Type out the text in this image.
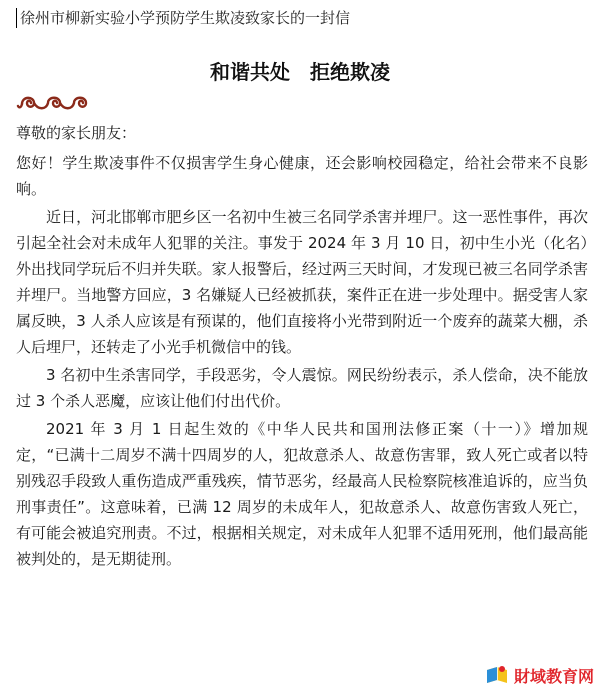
徐州市柳新实验小学预防学生欺凌致家长的一封信
和谐共处　拒绝欺凌

尊敬的家长朋友：

您好！学生欺凌事件不仅损害学生身心健康，还会影响校园稳定，给社会带来不良影响。

近日，河北邯郸市肥乡区一名初中生被三名同学杀害并埋尸。这一恶性事件，再次引起全社会对未成年人犯罪的关注。事发于 2024 年 3 月 10 日，初中生小光（化名）外出找同学玩后不归并失联。家人报警后，经过两三天时间，才发现已被三名同学杀害并埋尸。当地警方回应，3 名嫌疑人已经被抓获，案件正在进一步处理中。据受害人家属反映，3 人杀人应该是有预谋的，他们直接将小光带到附近一个废弃的蔬菜大棚，杀人后埋尸，还转走了小光手机微信中的钱。

3 名初中生杀害同学，手段恶劣，令人震惊。网民纷纷表示，杀人偿命，决不能放过 3 个杀人恶魔，应该让他们付出代价。

2021 年 3 月 1 日起生效的《中华人民共和国刑法修正案（十一）》增加规定，“已满十二周岁不满十四周岁的人，犯故意杀人、故意伤害罪，致人死亡或者以特别残忍手段致人重伤造成严重残疾，情节恶劣，经最高人民检察院核准追诉的，应当负刑事责任”。这意味着，已满 12 周岁的未成年人，犯故意杀人、故意伤害致人死亡，有可能会被追究刑责。不过，根据相关规定，对未成年人犯罪不适用死刑，他们最高能被判处的，是无期徒刑。

財域教育网
